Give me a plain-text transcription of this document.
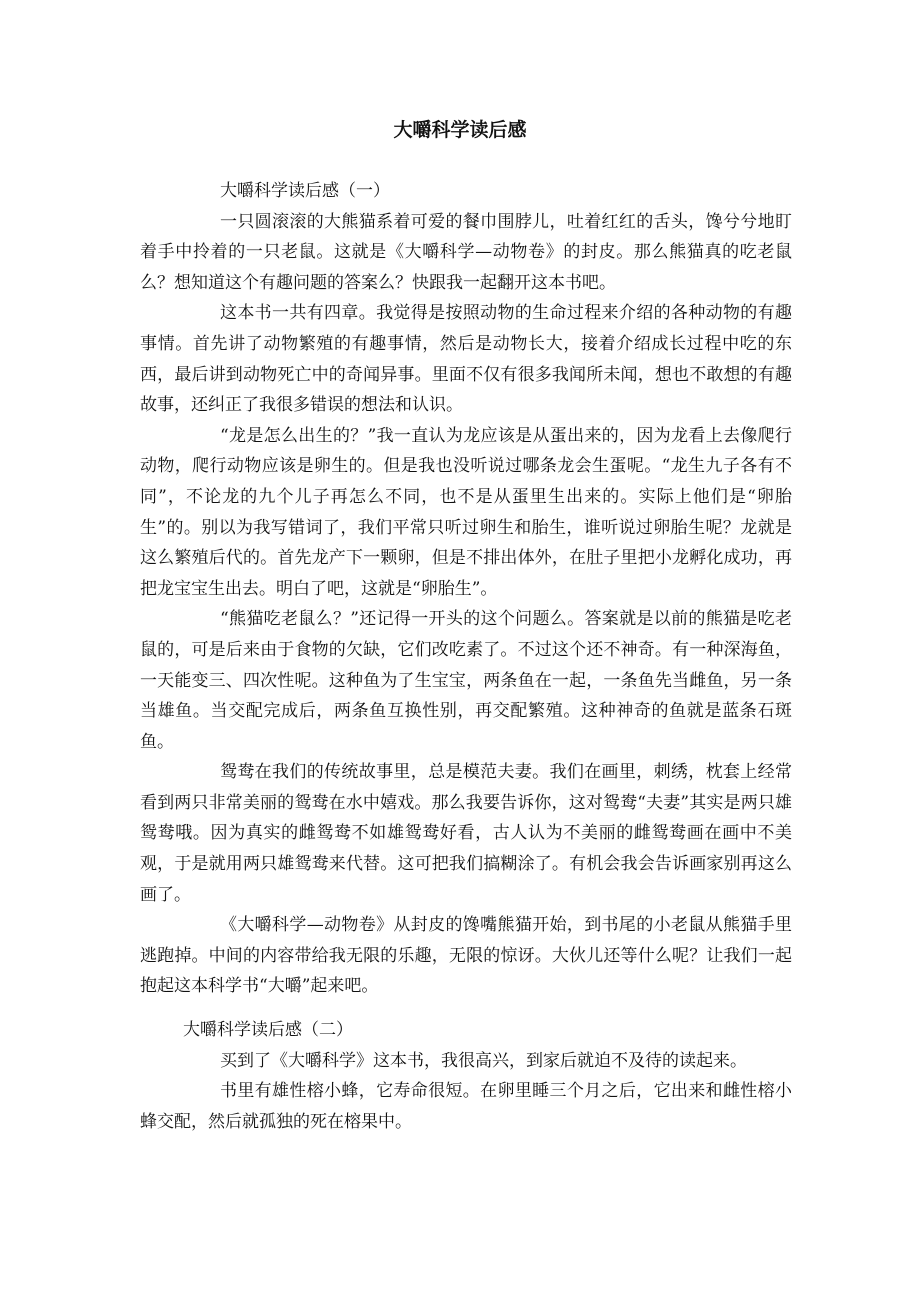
大嚼科学读后感
大嚼科学读后感（一）

一只圆滚滚的大熊猫系着可爱的餐巾围脖儿，吐着红红的舌头，馋兮兮地盯着手中拎着的一只老鼠。这就是《大嚼科学—动物卷》的封皮。那么熊猫真的吃老鼠么？想知道这个有趣问题的答案么？快跟我一起翻开这本书吧。

这本书一共有四章。我觉得是按照动物的生命过程来介绍的各种动物的有趣事情。首先讲了动物繁殖的有趣事情，然后是动物长大，接着介绍成长过程中吃的东西，最后讲到动物死亡中的奇闻异事。里面不仅有很多我闻所未闻，想也不敢想的有趣故事，还纠正了我很多错误的想法和认识。

“龙是怎么出生的？”我一直认为龙应该是从蛋出来的，因为龙看上去像爬行动物，爬行动物应该是卵生的。但是我也没听说过哪条龙会生蛋呢。“龙生九子各有不同”，不论龙的九个儿子再怎么不同，也不是从蛋里生出来的。实际上他们是“卵胎生”的。别以为我写错词了，我们平常只听过卵生和胎生，谁听说过卵胎生呢？龙就是这么繁殖后代的。首先龙产下一颗卵，但是不排出体外，在肚子里把小龙孵化成功，再把龙宝宝生出去。明白了吧，这就是“卵胎生”。

“熊猫吃老鼠么？”还记得一开头的这个问题么。答案就是以前的熊猫是吃老鼠的，可是后来由于食物的欠缺，它们改吃素了。不过这个还不神奇。有一种深海鱼，一天能变三、四次性呢。这种鱼为了生宝宝，两条鱼在一起，一条鱼先当雌鱼，另一条当雄鱼。当交配完成后，两条鱼互换性别，再交配繁殖。这种神奇的鱼就是蓝条石斑鱼。

鸳鸯在我们的传统故事里，总是模范夫妻。我们在画里，刺绣，枕套上经常看到两只非常美丽的鸳鸯在水中嬉戏。那么我要告诉你，这对鸳鸯“夫妻”其实是两只雄鸳鸯哦。因为真实的雌鸳鸯不如雄鸳鸯好看，古人认为不美丽的雌鸳鸯画在画中不美观，于是就用两只雄鸳鸯来代替。这可把我们搞糊涂了。有机会我会告诉画家别再这么画了。

《大嚼科学—动物卷》从封皮的馋嘴熊猫开始，到书尾的小老鼠从熊猫手里逃跑掉。中间的内容带给我无限的乐趣，无限的惊讶。大伙儿还等什么呢？让我们一起抱起这本科学书“大嚼”起来吧。

大嚼科学读后感（二）

买到了《大嚼科学》这本书，我很高兴，到家后就迫不及待的读起来。

书里有雄性榕小蜂，它寿命很短。在卵里睡三个月之后，它出来和雌性榕小蜂交配，然后就孤独的死在榕果中。
